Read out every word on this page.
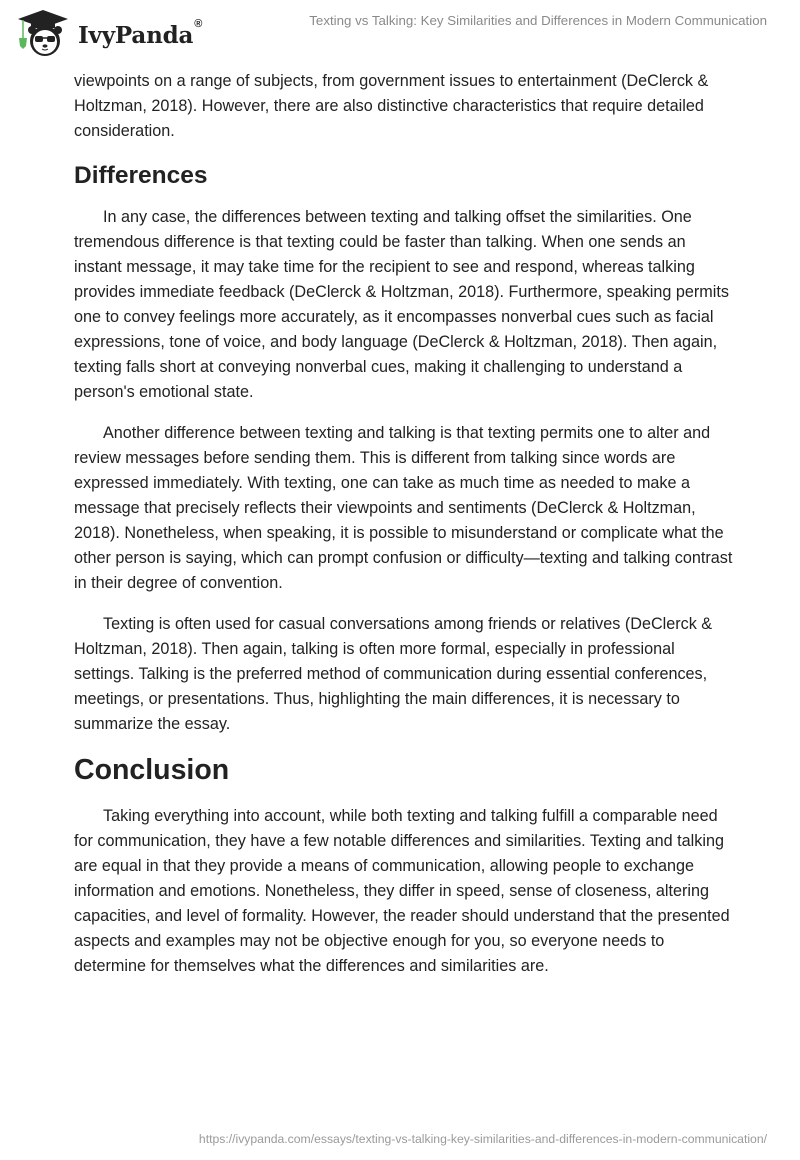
IvyPanda®	Texting vs Talking: Key Similarities and Differences in Modern Communication

viewpoints on a range of subjects, from government issues to entertainment (DeClerck & Holtzman, 2018). However, there are also distinctive characteristics that require detailed consideration.

Differences

In any case, the differences between texting and talking offset the similarities. One tremendous difference is that texting could be faster than talking. When one sends an instant message, it may take time for the recipient to see and respond, whereas talking provides immediate feedback (DeClerck & Holtzman, 2018). Furthermore, speaking permits one to convey feelings more accurately, as it encompasses nonverbal cues such as facial expressions, tone of voice, and body language (DeClerck & Holtzman, 2018). Then again, texting falls short at conveying nonverbal cues, making it challenging to understand a person's emotional state.

Another difference between texting and talking is that texting permits one to alter and review messages before sending them. This is different from talking since words are expressed immediately. With texting, one can take as much time as needed to make a message that precisely reflects their viewpoints and sentiments (DeClerck & Holtzman, 2018). Nonetheless, when speaking, it is possible to misunderstand or complicate what the other person is saying, which can prompt confusion or difficulty—texting and talking contrast in their degree of convention.

Texting is often used for casual conversations among friends or relatives (DeClerck & Holtzman, 2018). Then again, talking is often more formal, especially in professional settings. Talking is the preferred method of communication during essential conferences, meetings, or presentations. Thus, highlighting the main differences, it is necessary to summarize the essay.

Conclusion

Taking everything into account, while both texting and talking fulfill a comparable need for communication, they have a few notable differences and similarities. Texting and talking are equal in that they provide a means of communication, allowing people to exchange information and emotions. Nonetheless, they differ in speed, sense of closeness, altering capacities, and level of formality. However, the reader should understand that the presented aspects and examples may not be objective enough for you, so everyone needs to determine for themselves what the differences and similarities are.

https://ivypanda.com/essays/texting-vs-talking-key-similarities-and-differences-in-modern-communication/
